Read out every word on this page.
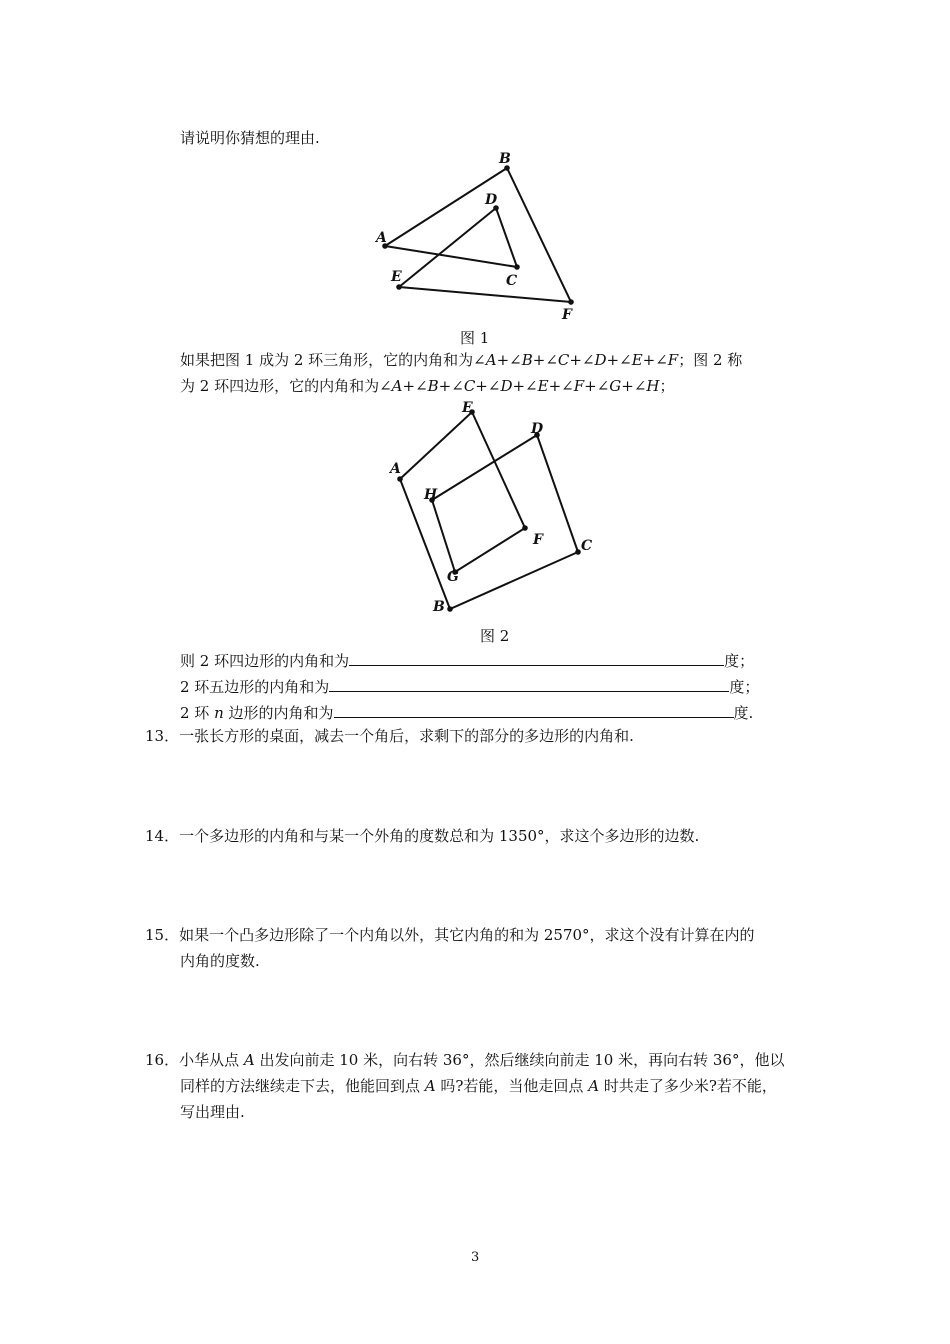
请说明你猜想的理由.
A
B
C
D
E
F
图 1
如果把图 1 成为 2 环三角形，它的内角和为∠A+∠B+∠C+∠D+∠E+∠F；图 2 称
为 2 环四边形，它的内角和为∠A+∠B+∠C+∠D+∠E+∠F+∠G+∠H；
A
B
C
D
E
F
G
H
图 2
则 2 环四边形的内角和为	度；
2 环五边形的内角和为	度；
2 环 n 边形的内角和为	度.
13．一张长方形的桌面，减去一个角后，求剩下的部分的多边形的内角和.
14．一个多边形的内角和与某一个外角的度数总和为 1350°，求这个多边形的边数.
15．如果一个凸多边形除了一个内角以外，其它内角的和为 2570°，求这个没有计算在内的
内角的度数.
16．小华从点 A 出发向前走 10 米，向右转 36°，然后继续向前走 10 米，再向右转 36°，他以
同样的方法继续走下去，他能回到点 A 吗?若能，当他走回点 A 时共走了多少米?若不能，
写出理由.
3
